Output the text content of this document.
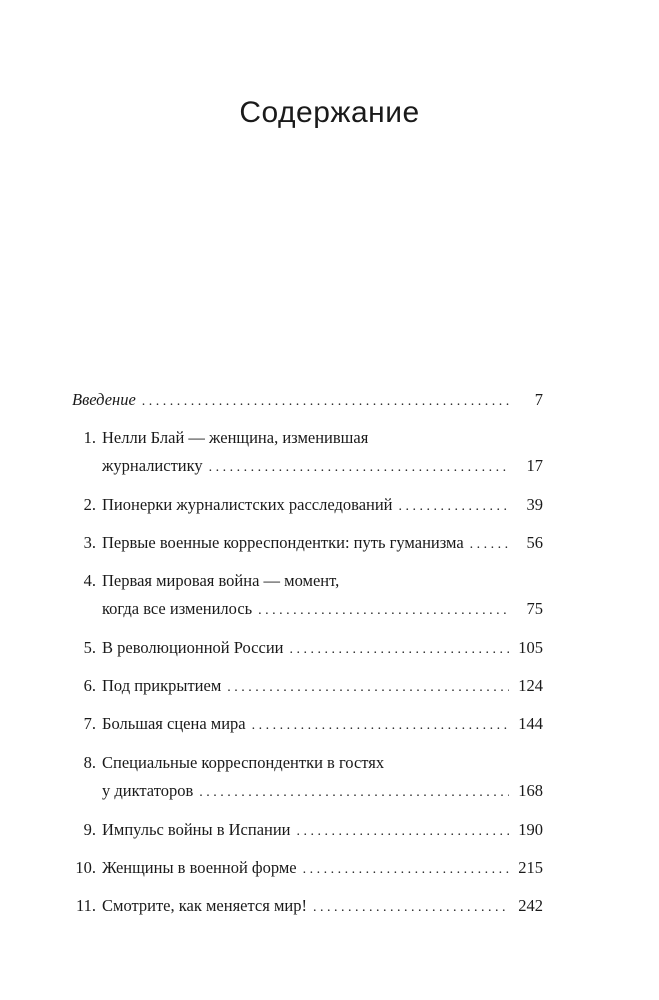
Содержание
Введение . . .	7
1. Нелли Блай — женщина, изменившая
журналистику . . .	17
2. Пионерки журналистских расследований . . .	39
3. Первые военные корреспондентки: путь гуманизма . . .	56
4. Первая мировая война — момент,
когда все изменилось . . .	75
5. В революционной России . . .	105
6. Под прикрытием . . .	124
7. Большая сцена мира . . .	144
8. Специальные корреспондентки в гостях
у диктаторов . . .	168
9. Импульс войны в Испании . . .	190
10. Женщины в военной форме . . .	215
11. Смотрите, как меняется мир! . . .	242
